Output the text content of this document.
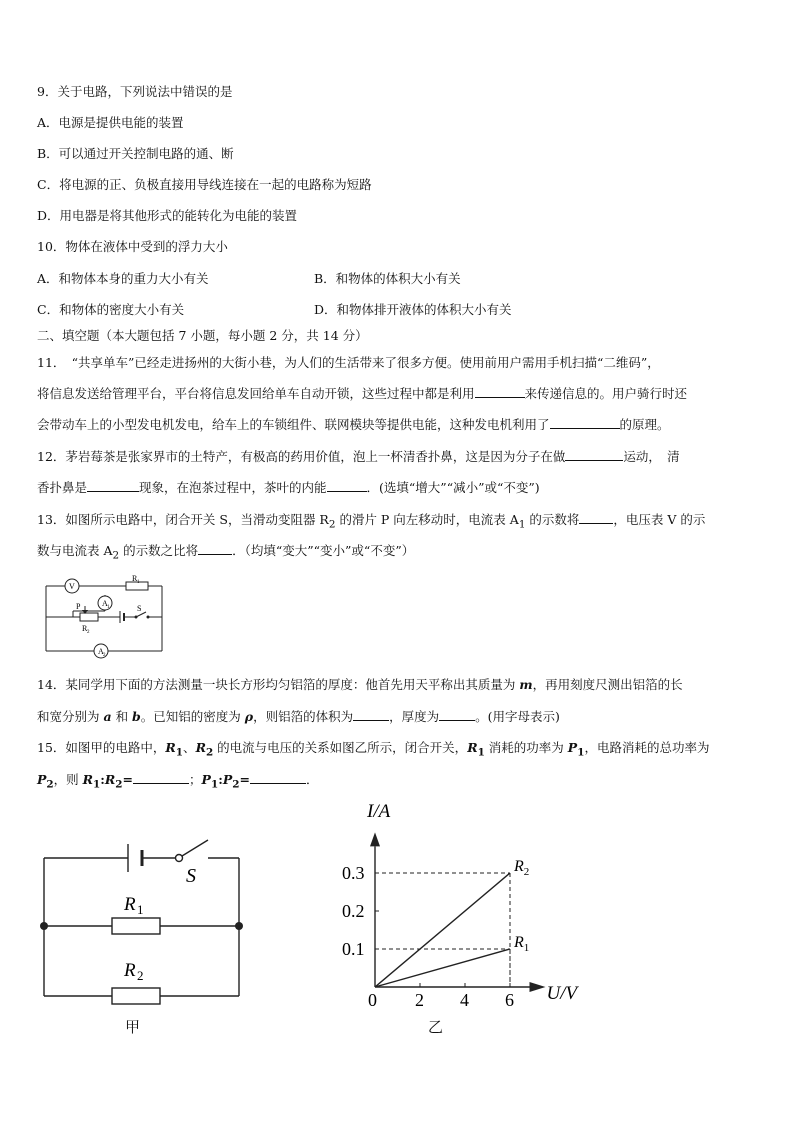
9．关于电路，下列说法中错误的是
A．电源是提供电能的装置
B．可以通过开关控制电路的通、断
C．将电源的正、负极直接用导线连接在一起的电路称为短路
D．用电器是将其他形式的能转化为电能的装置
10．物体在液体中受到的浮力大小
A．和物体本身的重力大小有关	B．和物体的体积大小有关
C．和物体的密度大小有关	D．和物体排开液体的体积大小有关
二、填空题（本大题包括 7 小题，每小题 2 分，共 14 分）
11．　“共享单车”已经走进扬州的大街小巷，为人们的生活带来了很多方便。使用前用户需用手机扫描“二维码”，
将信息发送给管理平台，平台将信息发回给单车自动开锁，这些过程中都是利用	来传递信息的。用户骑行时还
会带动车上的小型发电机发电，给车上的车锁组件、联网模块等提供电能，这种发电机利用了	的原理。
12．茅岩莓茶是张家界市的土特产，有极高的药用价值，泡上一杯清香扑鼻，这是因为分子在做	运动，　清
香扑鼻是	现象，在泡茶过程中，茶叶的内能	．(选填“增大”“减小”或“不变”)
13．如图所示电路中，闭合开关 S，当滑动变阻器 $R_2$ 的滑片 P 向左移动时，电流表 $A_1$ 的示数将	，电压表 V 的示
数与电流表 $A_2$ 的示数之比将	．（均填“变大”“变小”或“不变”）
V
A 1
A 2
R 1
S
P
R 2
14．某同学用下面的方法测量一块长方形均匀铝箔的厚度：他首先用天平称出其质量为 m，再用刻度尺测出铝箔的长
和宽分别为 a 和 b。已知铝的密度为 ρ，则铝箔的体积为	，厚度为	。(用字母表示)
15．如图甲的电路中，$R_1$、$R_2$ 的电流与电压的关系如图乙所示，闭合开关，$R_1$ 消耗的功率为 $P_1$，电路消耗的总功率为
$P_2$，则 $R_1:R_2=$	；$P_1:P_2=$	．
S
R 1
R 2
甲
0 2 4 6
0.1
0.2
0.3
I/A
U/V
$R_2$
$R_1$
乙
